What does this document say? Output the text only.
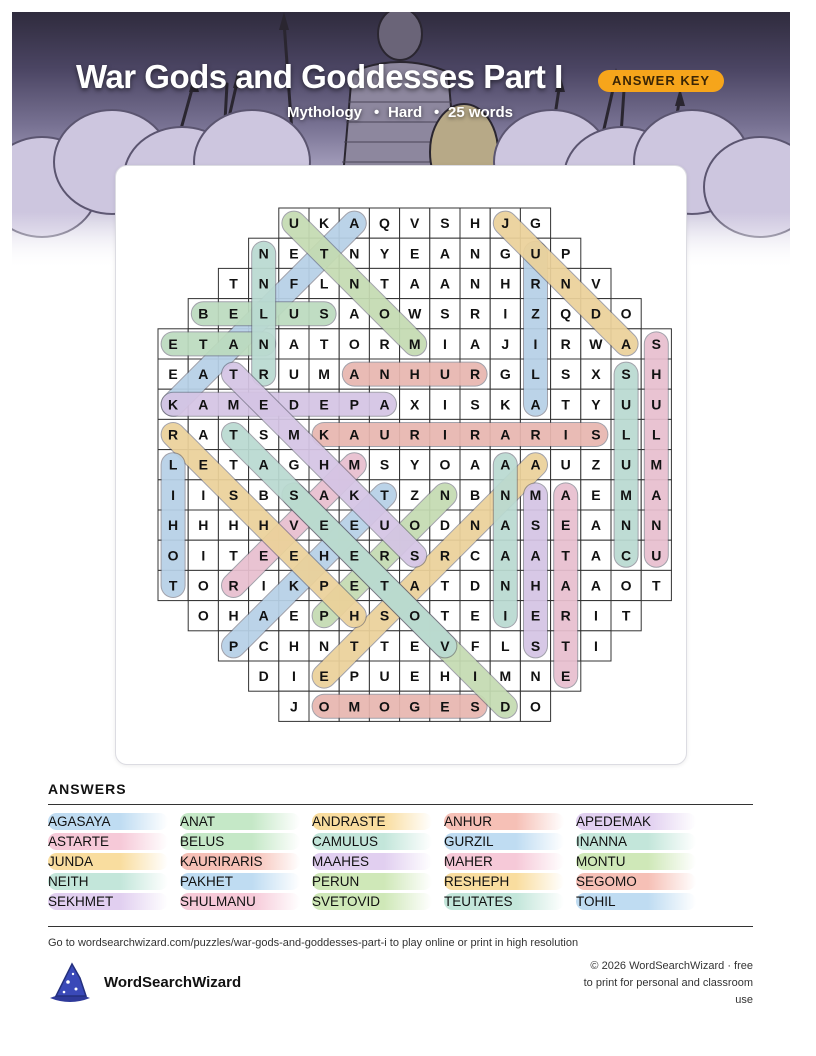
War Gods and Goddesses Part I	ANSWER KEY
Mythology • Hard • 25 words
U K A Q V S H J G
N E T N Y E A N G U P
T N F L N T A A N H R N V
B E L U S A O W S R I Z Q D O
E T A N A T O R M I A J I R W A S
E A T R U M A N H U R G L S X S H
K A M E D E P A X I S K A T Y U U
R A T S M K A U R I R A R I S L L
L E T A G H M S Y O A A A U Z U M
I I S B S A K T Z N B N M A E M A
H H H H V E E U O D N A S E A N N
O I T E E H E R S R C A A T A C U
T O R I K P E T A T D N H A A O T
O H A E P H S O T E I E R I T
P C H N T T E V F L S T I
D I E P U E H I M N E
J O M O G E S D O
ANSWERS
AGASAYA	ANAT	ANDRASTE	ANHUR	APEDEMAK
ASTARTE	BELUS	CAMULUS	GURZIL	INANNA
JUNDA	KAURIRARIS	MAAHES	MAHER	MONTU
NEITH	PAKHET	PERUN	RESHEPH	SEGOMO
SEKHMET	SHULMANU	SVETOVID	TEUTATES	TOHIL
Go to wordsearchwizard.com/puzzles/war-gods-and-goddesses-part-i to play online or print in high resolution
WordSearchWizard
© 2026 WordSearchWizard · free to print for personal and classroom use
